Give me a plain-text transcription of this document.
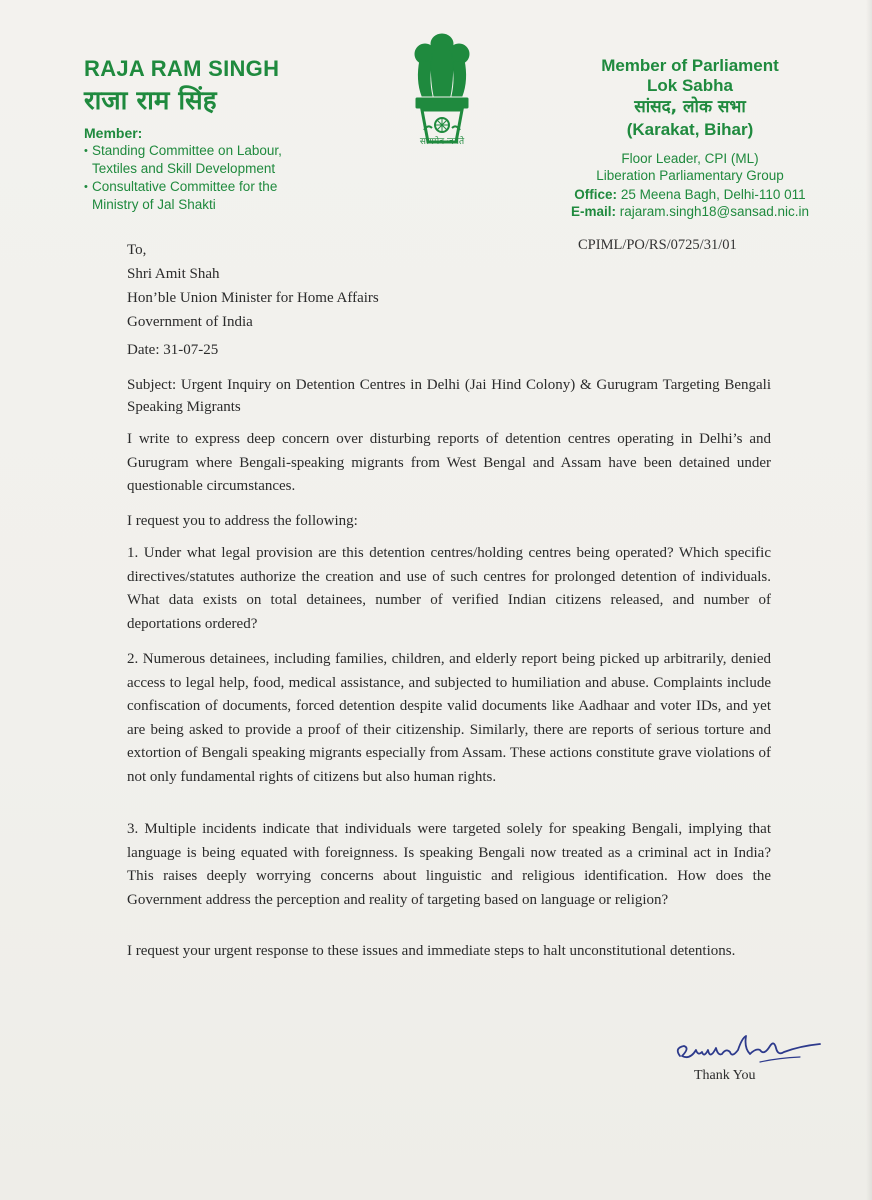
RAJA RAM SINGH
राजा राम सिंह
Member:
• Standing Committee on Labour,
Textiles and Skill Development
• Consultative Committee for the
Ministry of Jal Shakti
सत्यमेव जयते
Member of Parliament
Lok Sabha
सांसद, लोक सभा
(Karakat, Bihar)
Floor Leader, CPI (ML)
Liberation Parliamentary Group
Office: 25 Meena Bagh, Delhi-110 011
E-mail: rajaram.singh18@sansad.nic.in
CPIML/PO/RS/0725/31/01
To,
Shri Amit Shah
Hon’ble Union Minister for Home Affairs
Government of India
Date: 31-07-25
Subject: Urgent Inquiry on Detention Centres in Delhi (Jai Hind Colony) & Gurugram Targeting Bengali Speaking Migrants
I write to express deep concern over disturbing reports of detention centres operating in Delhi’s and Gurugram where Bengali-speaking migrants from West Bengal and Assam have been detained under questionable circumstances.
I request you to address the following:
1. Under what legal provision are this detention centres/holding centres being operated? Which specific directives/statutes authorize the creation and use of such centres for prolonged detention of individuals. What data exists on total detainees, number of verified Indian citizens released, and number of deportations ordered?
2. Numerous detainees, including families, children, and elderly report being picked up arbitrarily, denied access to legal help, food, medical assistance, and subjected to humiliation and abuse. Complaints include confiscation of documents, forced detention despite valid documents like Aadhaar and voter IDs, and yet are being asked to provide a proof of their citizenship. Similarly, there are reports of serious torture and extortion of Bengali speaking migrants especially from Assam. These actions constitute grave violations of not only fundamental rights of citizens but also human rights.
3. Multiple incidents indicate that individuals were targeted solely for speaking Bengali, implying that language is being equated with foreignness. Is speaking Bengali now treated as a criminal act in India? This raises deeply worrying concerns about linguistic and religious identification. How does the Government address the perception and reality of targeting based on language or religion?
I request your urgent response to these issues and immediate steps to halt unconstitutional detentions.
Thank You
